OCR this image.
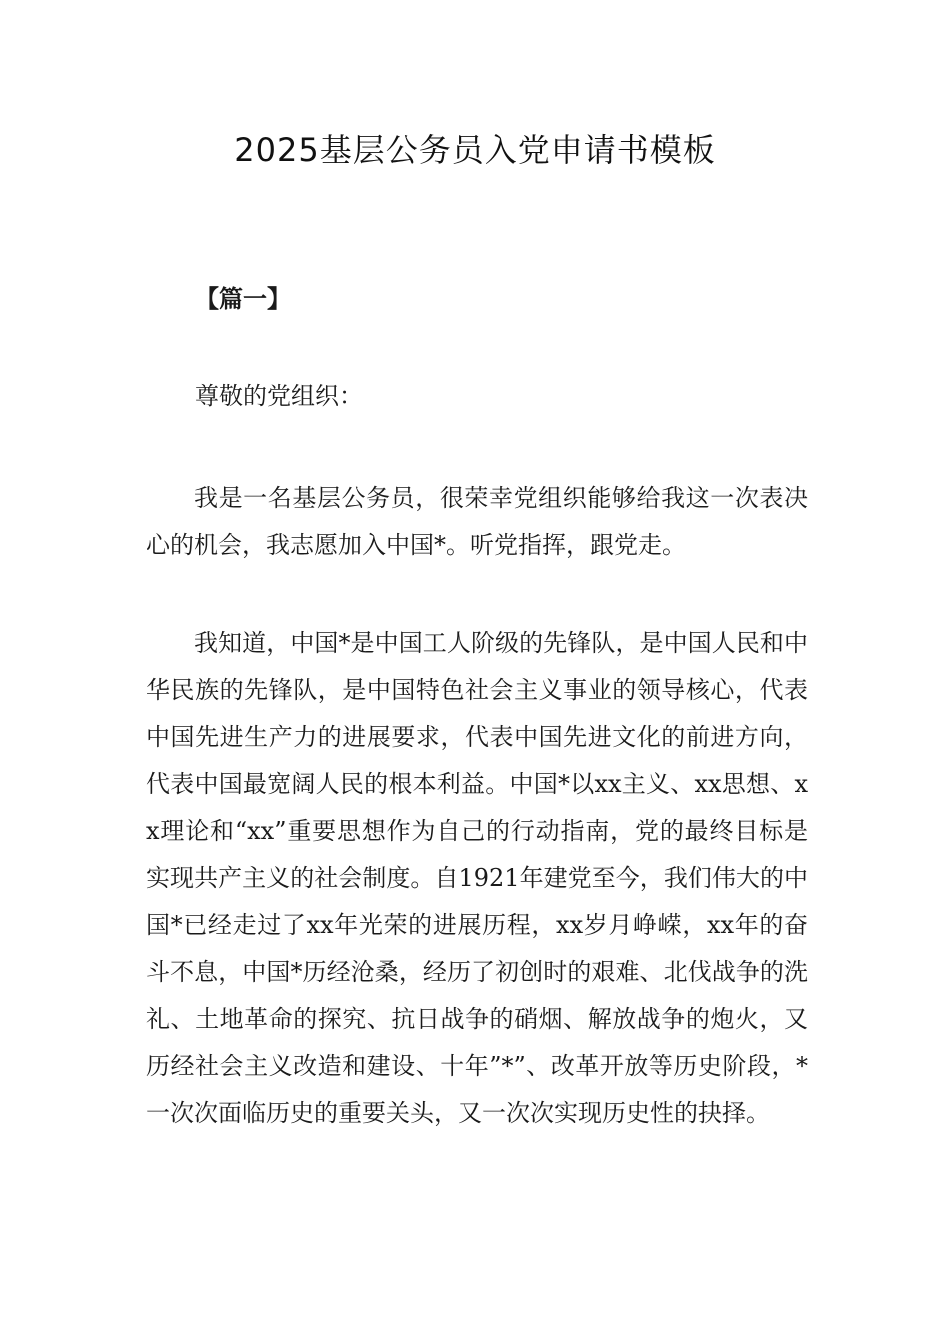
2025基层公务员入党申请书模板
【篇一】
尊敬的党组织：
我是一名基层公务员，很荣幸党组织能够给我这一次表决心的机会，我志愿加入中国*。听党指挥，跟党走。
我知道，中国*是中国工人阶级的先锋队，是中国人民和中华民族的先锋队，是中国特色社会主义事业的领导核心，代表中国先进生产力的进展要求，代表中国先进文化的前进方向，代表中国最宽阔人民的根本利益。中国*以xx主义、xx思想、xx理论和“xx”重要思想作为自己的行动指南，党的最终目标是实现共产主义的社会制度。自1921年建党至今，我们伟大的中国*已经走过了xx年光荣的进展历程，xx岁月峥嵘，xx年的奋斗不息，中国*历经沧桑，经历了初创时的艰难、北伐战争的洗礼、土地革命的探究、抗日战争的硝烟、解放战争的炮火，又历经社会主义改造和建设、十年”*”、改革开放等历史阶段，*一次次面临历史的重要关头，又一次次实现历史性的抉择。
